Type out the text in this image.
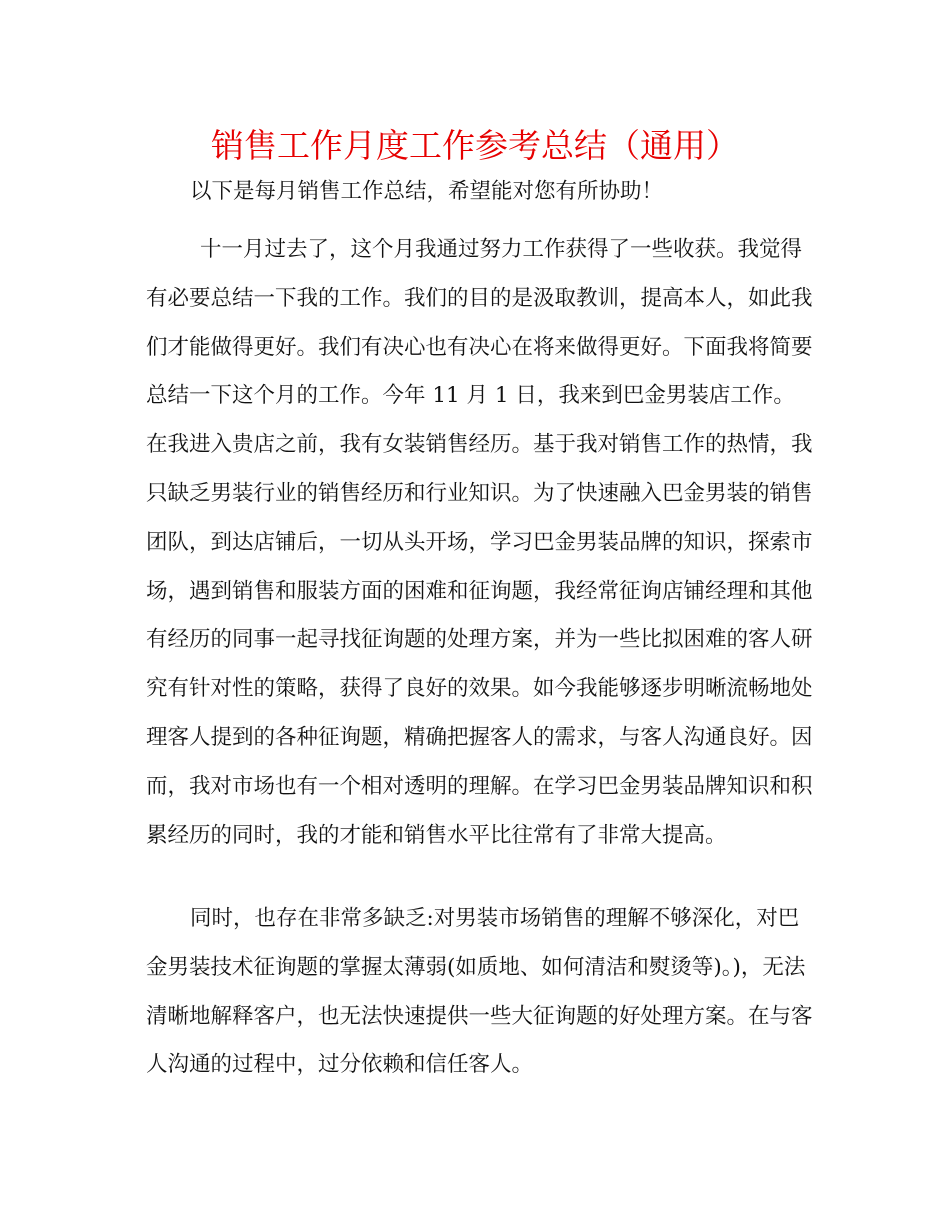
销售工作月度工作参考总结（通用）

以下是每月销售工作总结，希望能对您有所协助！

十一月过去了，这个月我通过努力工作获得了一些收获。我觉得有必要总结一下我的工作。我们的目的是汲取教训，提高本人，如此我们才能做得更好。我们有决心也有决心在将来做得更好。下面我将简要总结一下这个月的工作。今年 11 月 1 日，我来到巴金男装店工作。在我进入贵店之前，我有女装销售经历。基于我对销售工作的热情，我只缺乏男装行业的销售经历和行业知识。为了快速融入巴金男装的销售团队，到达店铺后，一切从头开场，学习巴金男装品牌的知识，探索市场，遇到销售和服装方面的困难和征询题，我经常征询店铺经理和其他有经历的同事一起寻找征询题的处理方案，并为一些比拟困难的客人研究有针对性的策略，获得了良好的效果。如今我能够逐步明晰流畅地处理客人提到的各种征询题，精确把握客人的需求，与客人沟通良好。因而，我对市场也有一个相对透明的理解。在学习巴金男装品牌知识和积累经历的同时，我的才能和销售水平比往常有了非常大提高。

同时，也存在非常多缺乏:对男装市场销售的理解不够深化，对巴金男装技术征询题的掌握太薄弱(如质地、如何清洁和熨烫等)。)，无法清晰地解释客户，也无法快速提供一些大征询题的好处理方案。在与客人沟通的过程中，过分依赖和信任客人。
